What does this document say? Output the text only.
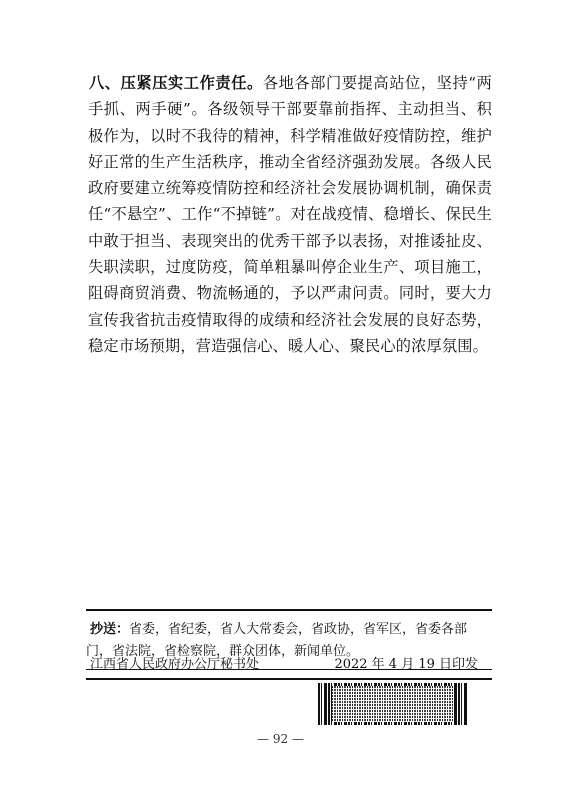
八、压紧压实工作责任。各地各部门要提高站位，坚持“两手抓、两手硬”。各级领导干部要靠前指挥、主动担当、积极作为，以时不我待的精神，科学精准做好疫情防控，维护好正常的生产生活秩序，推动全省经济强劲发展。各级人民政府要建立统筹疫情防控和经济社会发展协调机制，确保责任“不悬空”、工作“不掉链”。对在战疫情、稳增长、保民生中敢于担当、表现突出的优秀干部予以表扬，对推诿扯皮、失职渎职，过度防疫，简单粗暴叫停企业生产、项目施工，阻碍商贸消费、物流畅通的，予以严肃问责。同时，要大力宣传我省抗击疫情取得的成绩和经济社会发展的良好态势，稳定市场预期，营造强信心、暖人心、聚民心的浓厚氛围。

抄送：省委，省纪委，省人大常委会，省政协，省军区，省委各部门，省法院，省检察院，群众团体，新闻单位。
江西省人民政府办公厅秘书处	2022 年 4 月 19 日印发
— 92 —
